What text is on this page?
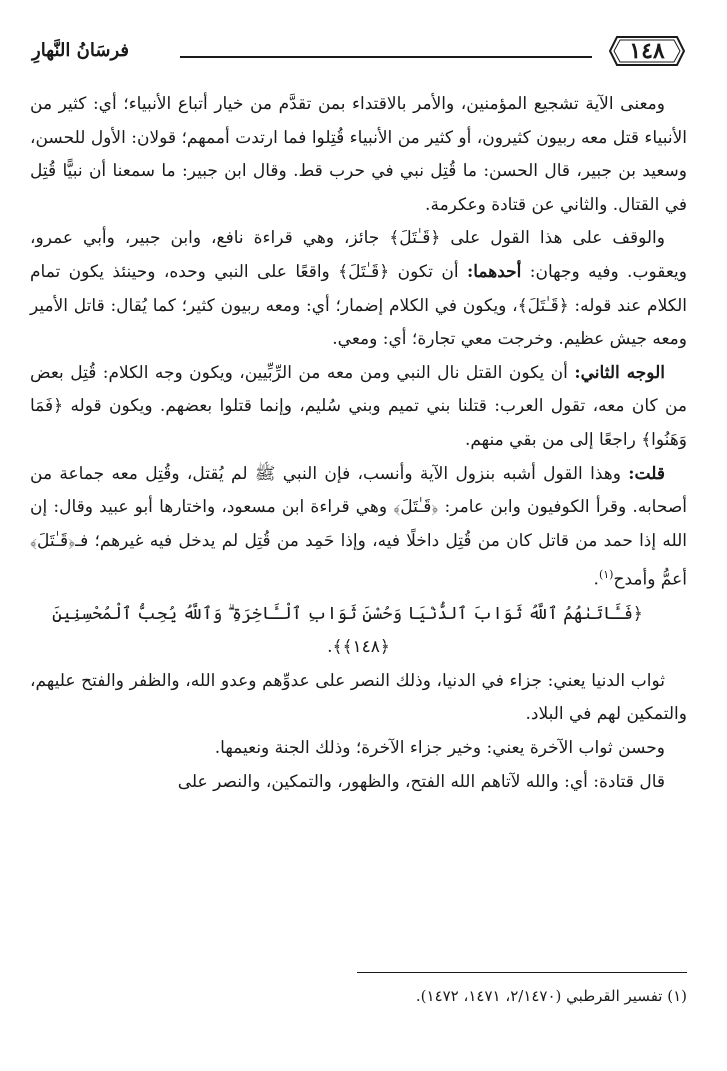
١٤٨
فرسَانُ النَّهارِ

ومعنى الآية تشجيع المؤمنين، والأمر بالاقتداء بمن تقدَّم من خيار أتباع الأنبياء؛ أي: كثير من الأنبياء قتل معه ربيون كثيرون، أو كثير من الأنبياء قُتِلوا فما ارتدت أممهم؛ قولان: الأول للحسن، وسعيد بن جبير، قال الحسن: ما قُتِل نبي في حرب قط. وقال ابن جبير: ما سمعنا أن نبيًّا قُتِل في القتال. والثاني عن قتادة وعكرمة.

والوقف على هذا القول على ﴿قَـٰتَلَ﴾ جائز، وهي قراءة نافع، وابن جبير، وأبي عمرو، ويعقوب. وفيه وجهان: أحدهما: أن تكون ﴿قَـٰتَلَ﴾ واقعًا على النبي وحده، وحينئذ يكون تمام الكلام عند قوله: ﴿قَـٰتَلَ﴾، ويكون في الكلام إضمار؛ أي: ومعه ربيون كثير؛ كما يُقال: قاتل الأمير ومعه جيش عظيم. وخرجت معي تجارة؛ أي: ومعي.

الوجه الثاني: أن يكون القتل نال النبي ومن معه من الرِّبِّيين، ويكون وجه الكلام: قُتِل بعض من كان معه، تقول العرب: قتلنا بني تميم وبني سُليم، وإنما قتلوا بعضهم. ويكون قوله ﴿فَمَا وَهَنُوا﴾ راجعًا إلى من بقي منهم.

قلت: وهذا القول أشبه بنزول الآية وأنسب، فإن النبي ﷺ لم يُقتل، وقُتِل معه جماعة من أصحابه. وقرأ الكوفيون وابن عامر: ﴿قَـٰتَلَ﴾ وهي قراءة ابن مسعود، واختارها أبو عبيد وقال: إن الله إذا حمد من قاتل كان من قُتِل داخلًا فيه، وإذا حَمِد من قُتِل لم يدخل فيه غيرهم؛ فـ﴿قَـٰتَلَ﴾ أعمُّ وأمدح$^{(١)}$.

﴿فَـَٔاتَىٰهُمُ ٱللَّهُ ثَوَابَ ٱلدُّنْيَا وَحُسْنَ ثَوَابِ ٱلْـَٔاخِرَةِ ۗ وَٱللَّهُ يُحِبُّ ٱلْمُحْسِنِينَ ﴿١٤٨﴾﴾.

ثواب الدنيا يعني: جزاء في الدنيا، وذلك النصر على عدوِّهم وعدو الله، والظفر والفتح عليهم، والتمكين لهم في البلاد.

وحسن ثواب الآخرة يعني: وخير جزاء الآخرة؛ وذلك الجنة ونعيمها.

قال قتادة: أي: والله لآتاهم الله الفتح، والظهور، والتمكين، والنصر على

(١) تفسير القرطبي (٢/١٤٧٠، ١٤٧١، ١٤٧٢).
